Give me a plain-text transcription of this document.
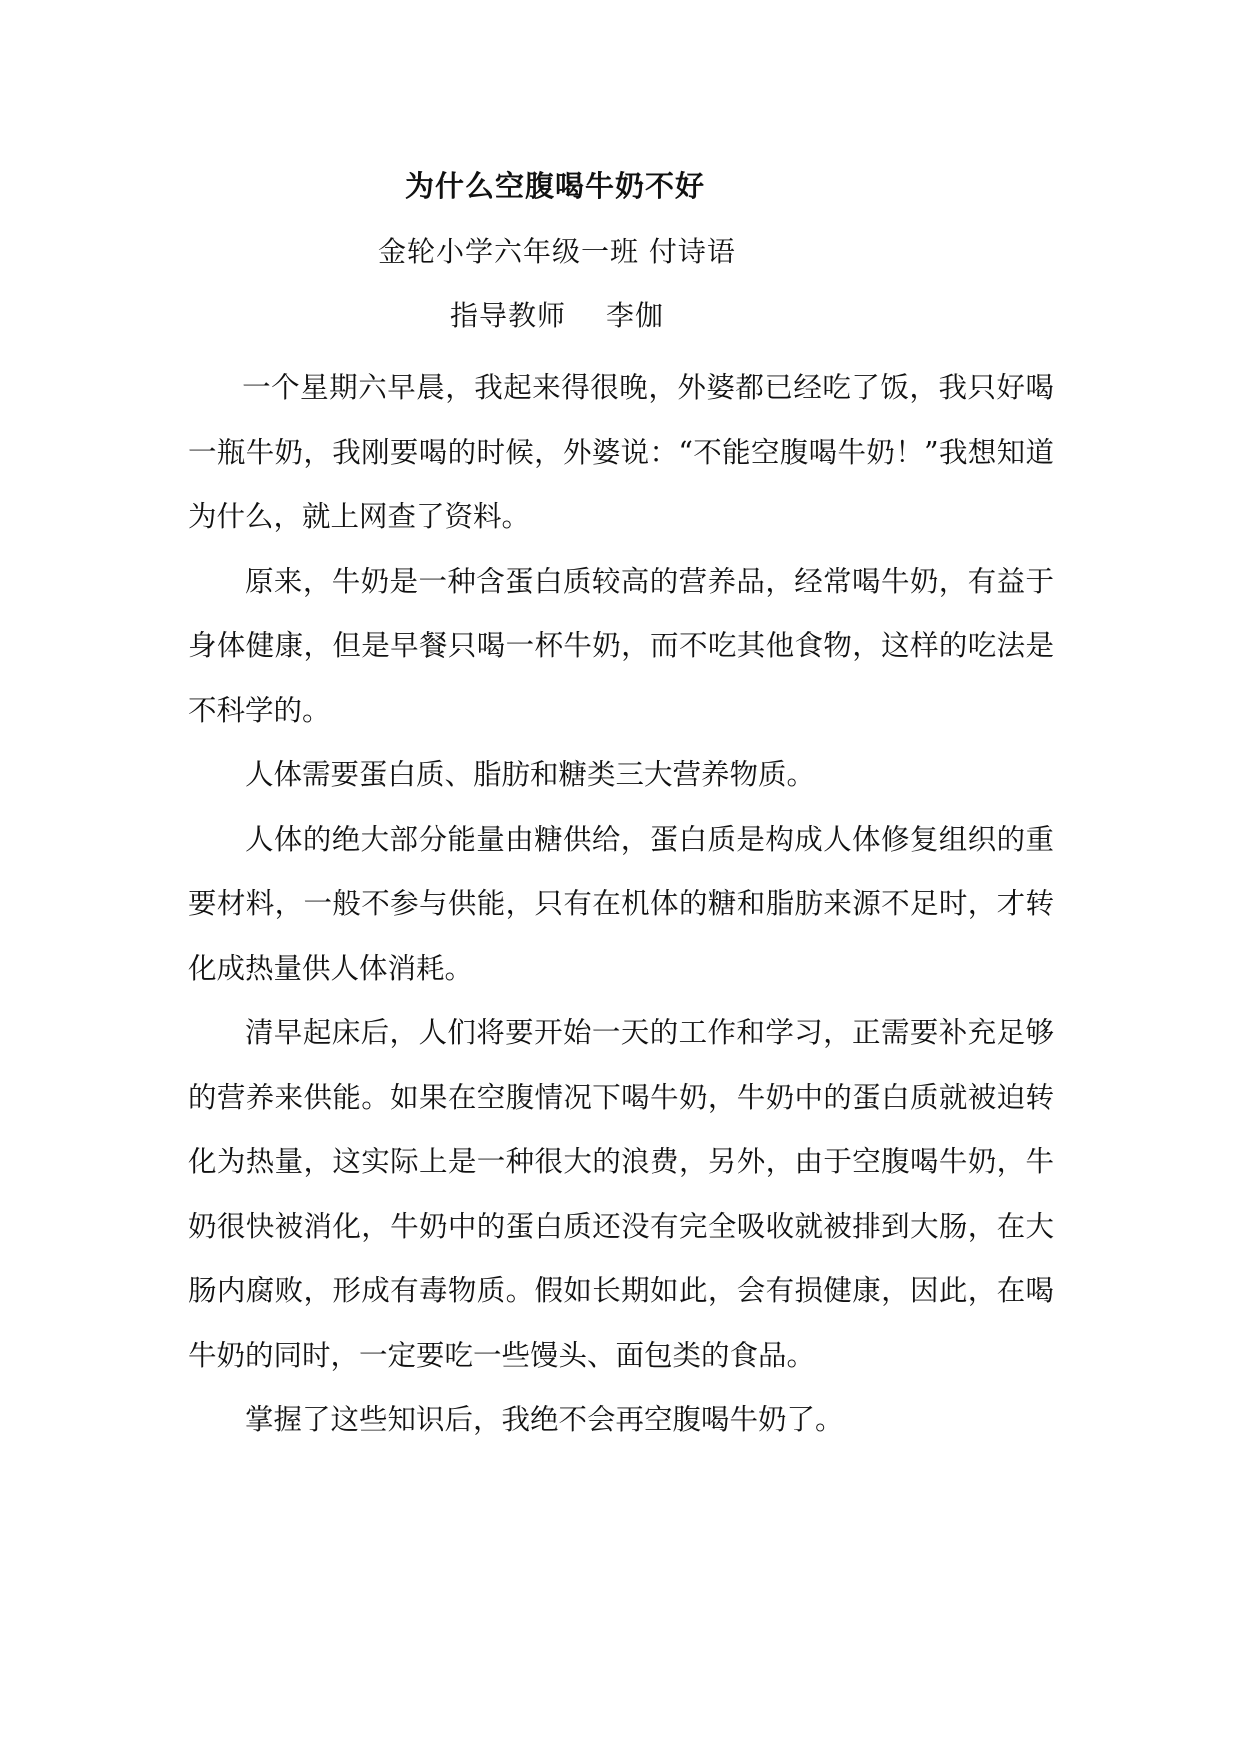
为什么空腹喝牛奶不好
金轮小学六年级一班 付诗语
指导教师 李伽

一个星期六早晨，我起来得很晚，外婆都已经吃了饭，我只好喝一瓶牛奶，我刚要喝的时候，外婆说：“不能空腹喝牛奶！”我想知道为什么，就上网查了资料。

原来，牛奶是一种含蛋白质较高的营养品，经常喝牛奶，有益于身体健康，但是早餐只喝一杯牛奶，而不吃其他食物，这样的吃法是不科学的。

人体需要蛋白质、脂肪和糖类三大营养物质。

人体的绝大部分能量由糖供给，蛋白质是构成人体修复组织的重要材料，一般不参与供能，只有在机体的糖和脂肪来源不足时，才转化成热量供人体消耗。

清早起床后，人们将要开始一天的工作和学习，正需要补充足够的营养来供能。如果在空腹情况下喝牛奶，牛奶中的蛋白质就被迫转化为热量，这实际上是一种很大的浪费，另外，由于空腹喝牛奶，牛奶很快被消化，牛奶中的蛋白质还没有完全吸收就被排到大肠，在大肠内腐败，形成有毒物质。假如长期如此，会有损健康，因此，在喝牛奶的同时，一定要吃一些馒头、面包类的食品。

掌握了这些知识后，我绝不会再空腹喝牛奶了。
